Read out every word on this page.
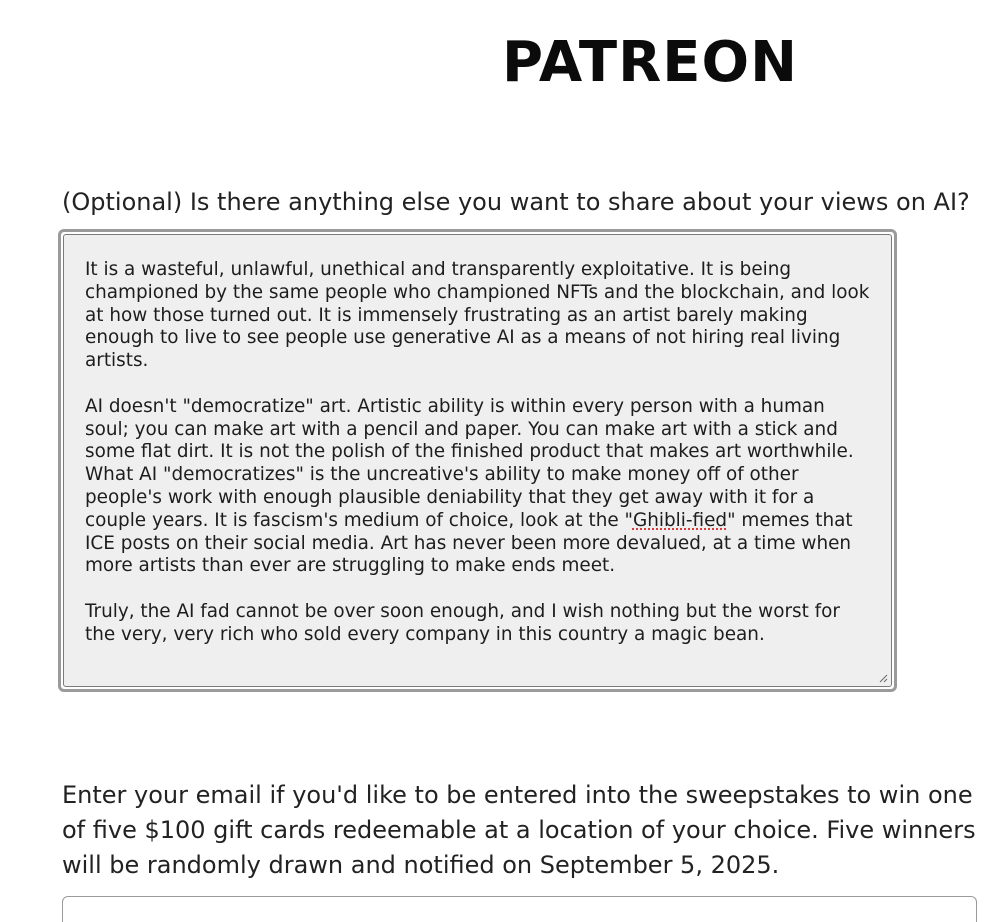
PATREON
(Optional) Is there anything else you want to share about your views on AI?

It is a wasteful, unlawful, unethical and transparently exploitative. It is being championed by the same people who championed NFTs and the blockchain, and look at how those turned out. It is immensely frustrating as an artist barely making enough to live to see people use generative AI as a means of not hiring real living artists.

AI doesn't "democratize" art. Artistic ability is within every person with a human soul; you can make art with a pencil and paper. You can make art with a stick and some flat dirt. It is not the polish of the finished product that makes art worthwhile. What AI "democratizes" is the uncreative's ability to make money off of other people's work with enough plausible deniability that they get away with it for a couple years. It is fascism's medium of choice, look at the "Ghibli-fied" memes that ICE posts on their social media. Art has never been more devalued, at a time when more artists than ever are struggling to make ends meet.

Truly, the AI fad cannot be over soon enough, and I wish nothing but the worst for the very, very rich who sold every company in this country a magic bean.

Enter your email if you'd like to be entered into the sweepstakes to win one of five $100 gift cards redeemable at a location of your choice. Five winners will be randomly drawn and notified on September 5, 2025.
